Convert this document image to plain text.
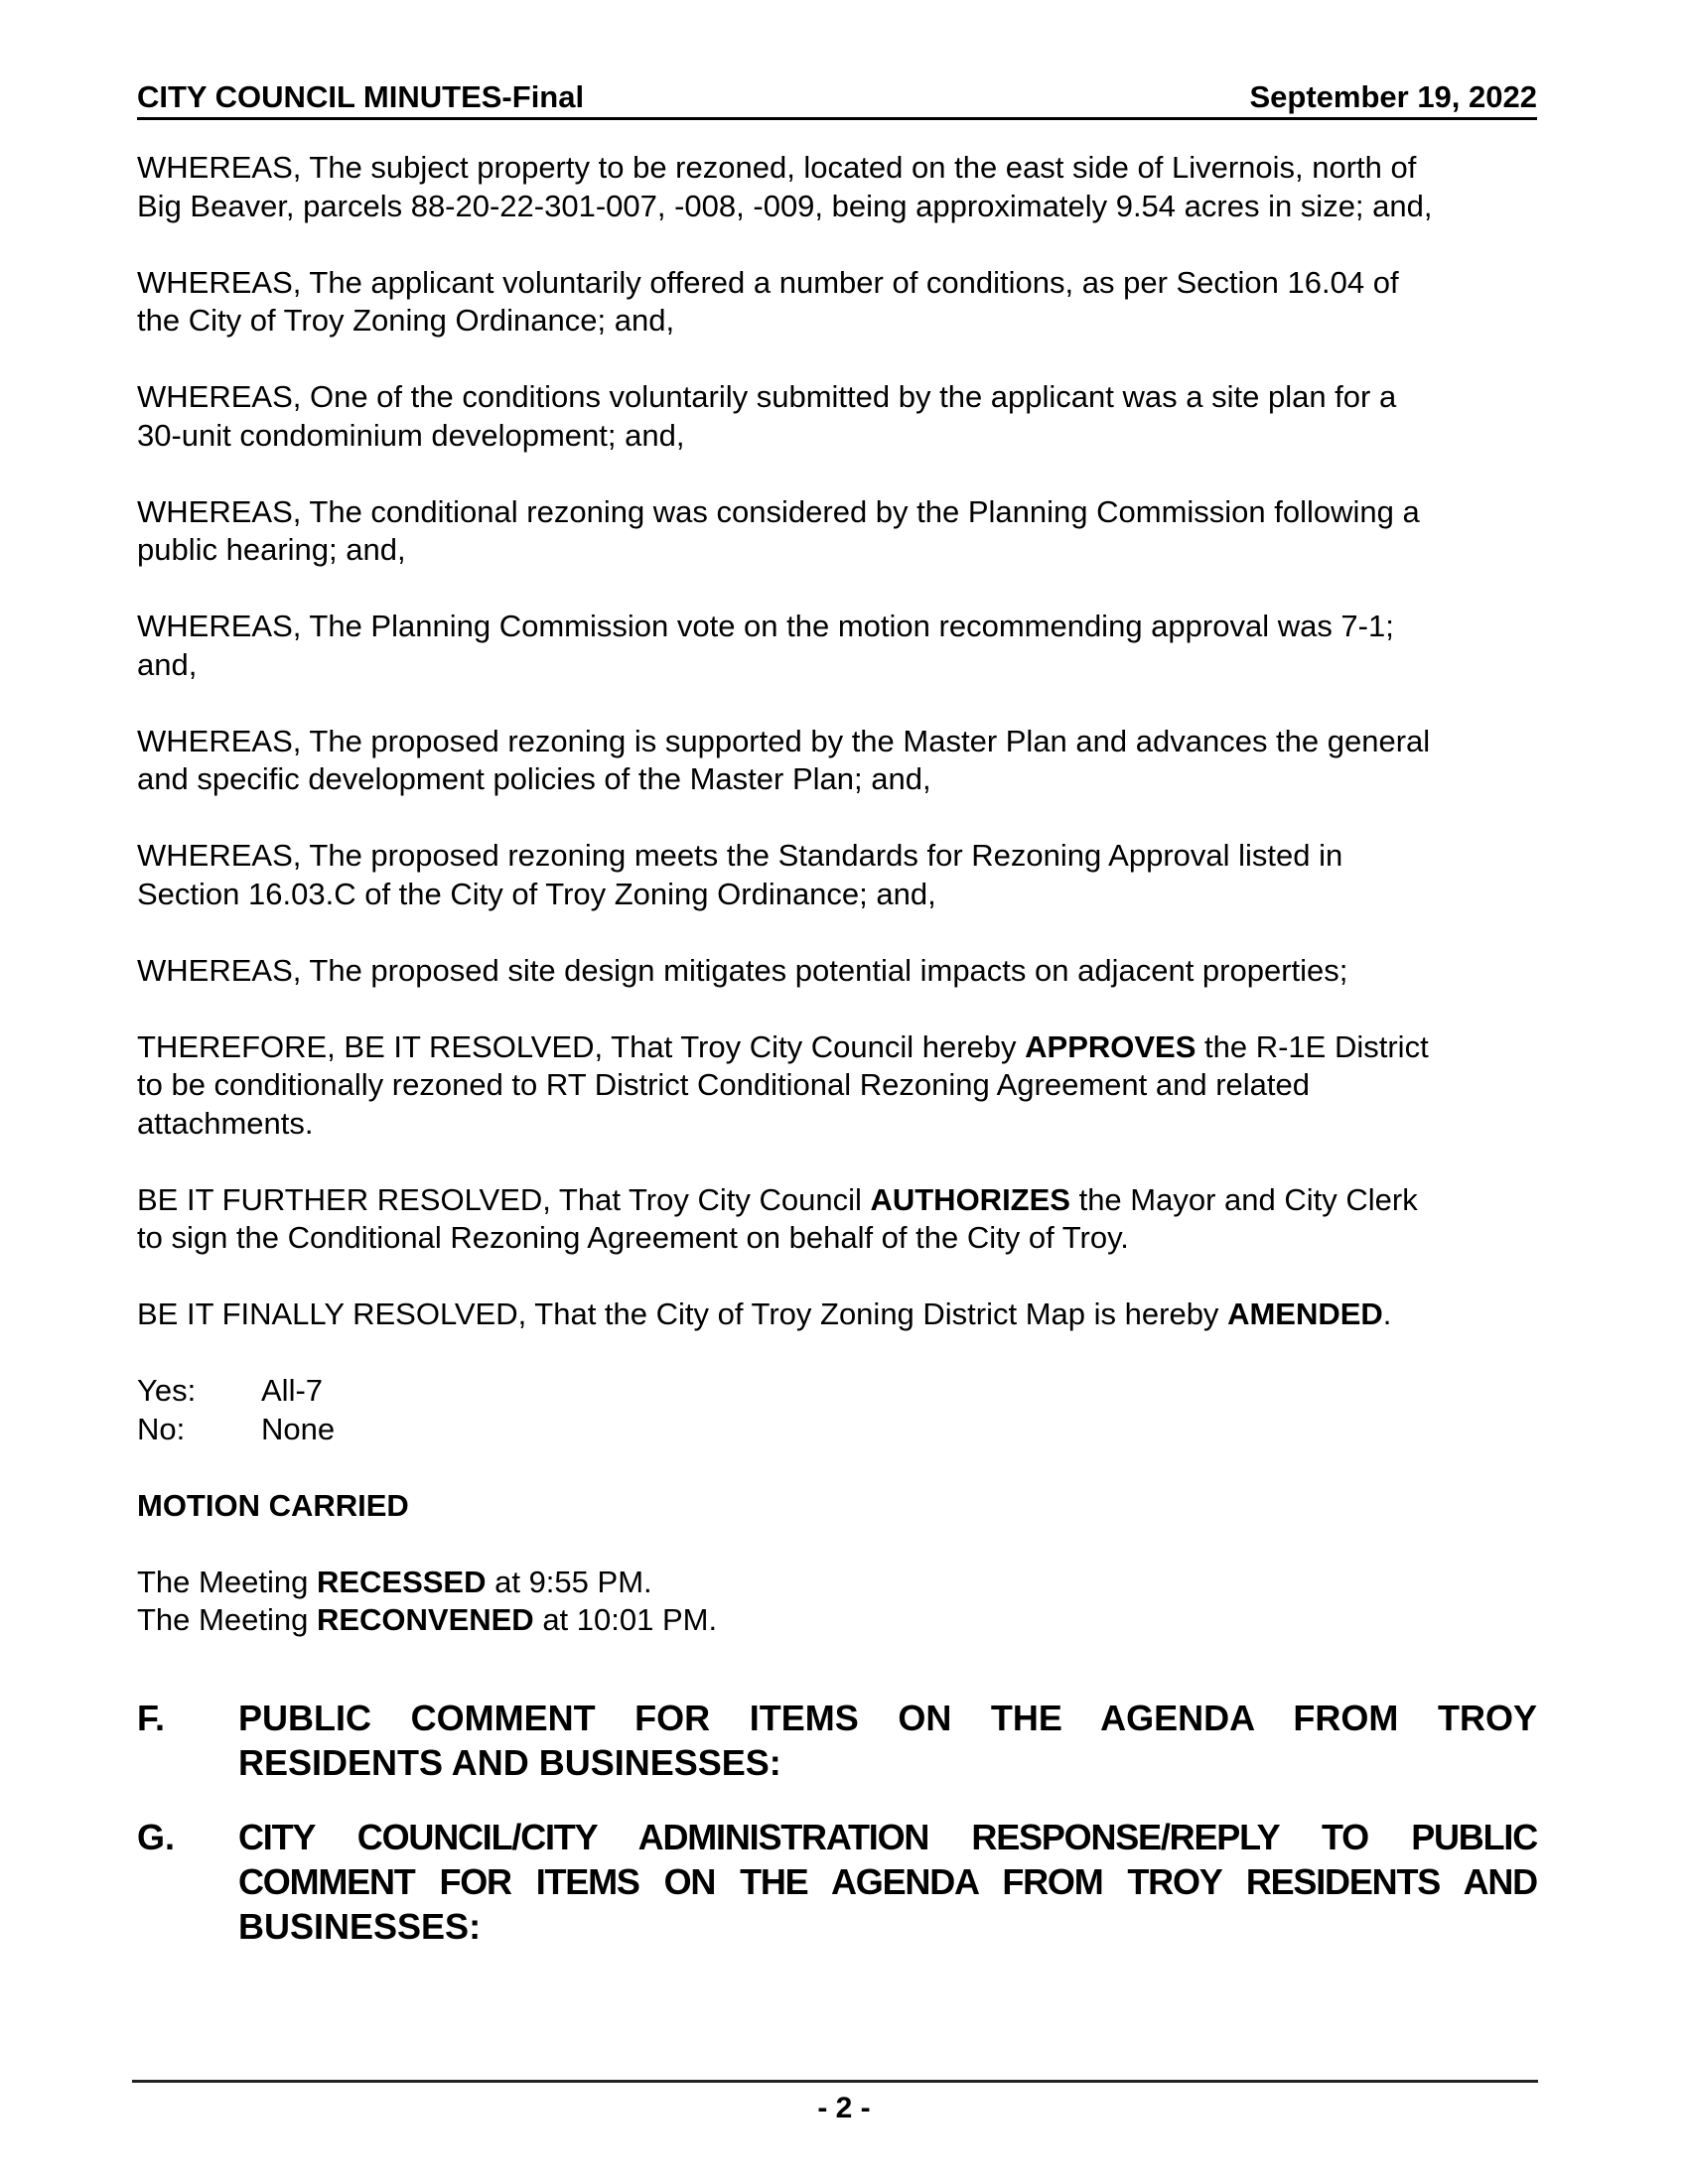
CITY COUNCIL MINUTES-Final	September 19, 2022

WHEREAS, The subject property to be rezoned, located on the east side of Livernois, north of
Big Beaver, parcels 88-20-22-301-007, -008, -009, being approximately 9.54 acres in size; and,

WHEREAS, The applicant voluntarily offered a number of conditions, as per Section 16.04 of
the City of Troy Zoning Ordinance; and,

WHEREAS, One of the conditions voluntarily submitted by the applicant was a site plan for a
30-unit condominium development; and,

WHEREAS, The conditional rezoning was considered by the Planning Commission following a
public hearing; and,

WHEREAS, The Planning Commission vote on the motion recommending approval was 7-1;
and,

WHEREAS, The proposed rezoning is supported by the Master Plan and advances the general
and specific development policies of the Master Plan; and,

WHEREAS, The proposed rezoning meets the Standards for Rezoning Approval listed in
Section 16.03.C of the City of Troy Zoning Ordinance; and,

WHEREAS, The proposed site design mitigates potential impacts on adjacent properties;

THEREFORE, BE IT RESOLVED, That Troy City Council hereby APPROVES the R-1E District
to be conditionally rezoned to RT District Conditional Rezoning Agreement and related
attachments.

BE IT FURTHER RESOLVED, That Troy City Council AUTHORIZES the Mayor and City Clerk
to sign the Conditional Rezoning Agreement on behalf of the City of Troy.

BE IT FINALLY RESOLVED, That the City of Troy Zoning District Map is hereby AMENDED.

Yes: All-7
No: None

MOTION CARRIED

The Meeting RECESSED at 9:55 PM.
The Meeting RECONVENED at 10:01 PM.

F. PUBLIC COMMENT FOR ITEMS ON THE AGENDA FROM TROY
RESIDENTS AND BUSINESSES:
G. CITY COUNCIL/CITY ADMINISTRATION RESPONSE/REPLY TO PUBLIC
COMMENT FOR ITEMS ON THE AGENDA FROM TROY RESIDENTS AND
BUSINESSES:
- 2 -
